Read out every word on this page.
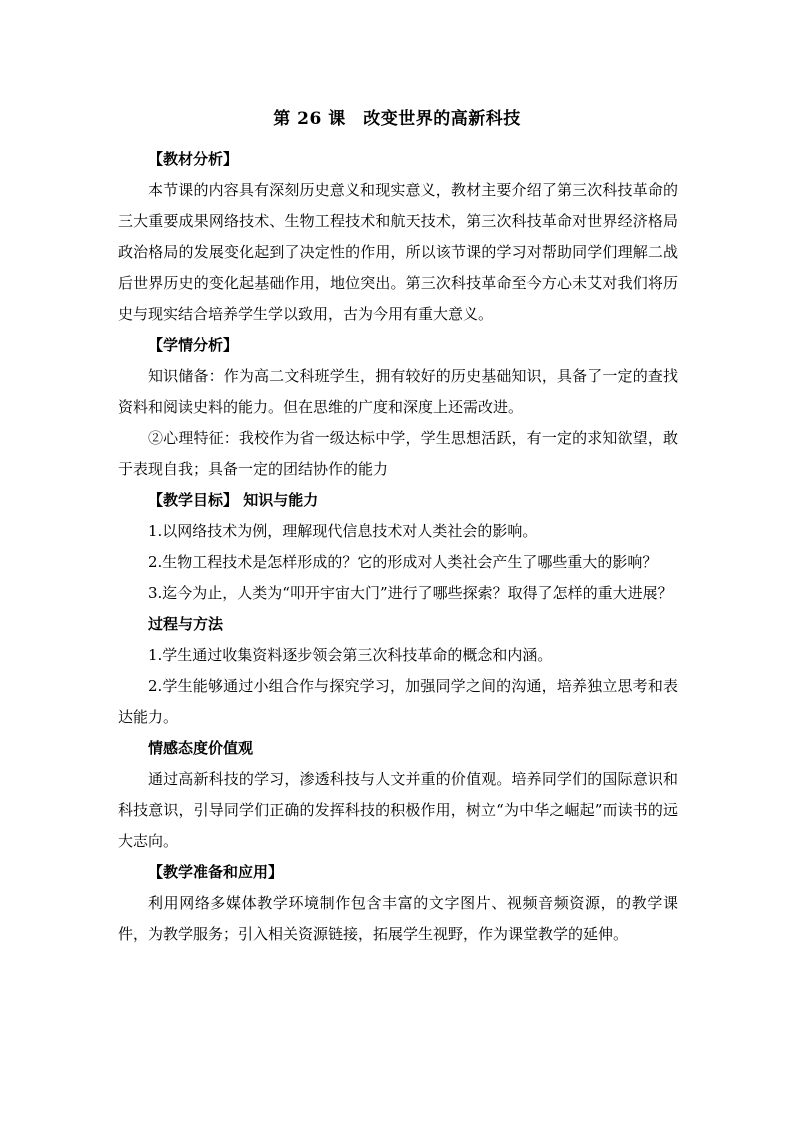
第 26 课　改变世界的高新科技
【教材分析】
本节课的内容具有深刻历史意义和现实意义，教材主要介绍了第三次科技革命的三大重要成果网络技术、生物工程技术和航天技术，第三次科技革命对世界经济格局政治格局的发展变化起到了决定性的作用，所以该节课的学习对帮助同学们理解二战后世界历史的变化起基础作用，地位突出。第三次科技革命至今方心未艾对我们将历史与现实结合培养学生学以致用，古为今用有重大意义。
【学情分析】
知识储备：作为高二文科班学生，拥有较好的历史基础知识，具备了一定的查找资料和阅读史料的能力。但在思维的广度和深度上还需改进。
②心理特征：我校作为省一级达标中学，学生思想活跃，有一定的求知欲望，敢于表现自我；具备一定的团结协作的能力
【教学目标】 知识与能力
1.以网络技术为例，理解现代信息技术对人类社会的影响。
2.生物工程技术是怎样形成的？它的形成对人类社会产生了哪些重大的影响？
3.迄今为止，人类为“叩开宇宙大门”进行了哪些探索？取得了怎样的重大进展？
过程与方法
1.学生通过收集资料逐步领会第三次科技革命的概念和内涵。
2.学生能够通过小组合作与探究学习，加强同学之间的沟通，培养独立思考和表达能力。
情感态度价值观
通过高新科技的学习，渗透科技与人文并重的价值观。培养同学们的国际意识和科技意识，引导同学们正确的发挥科技的积极作用，树立“为中华之崛起”而读书的远大志向。
【教学准备和应用】
利用网络多媒体教学环境制作包含丰富的文字图片、视频音频资源，的教学课件，为教学服务；引入相关资源链接，拓展学生视野，作为课堂教学的延伸。
